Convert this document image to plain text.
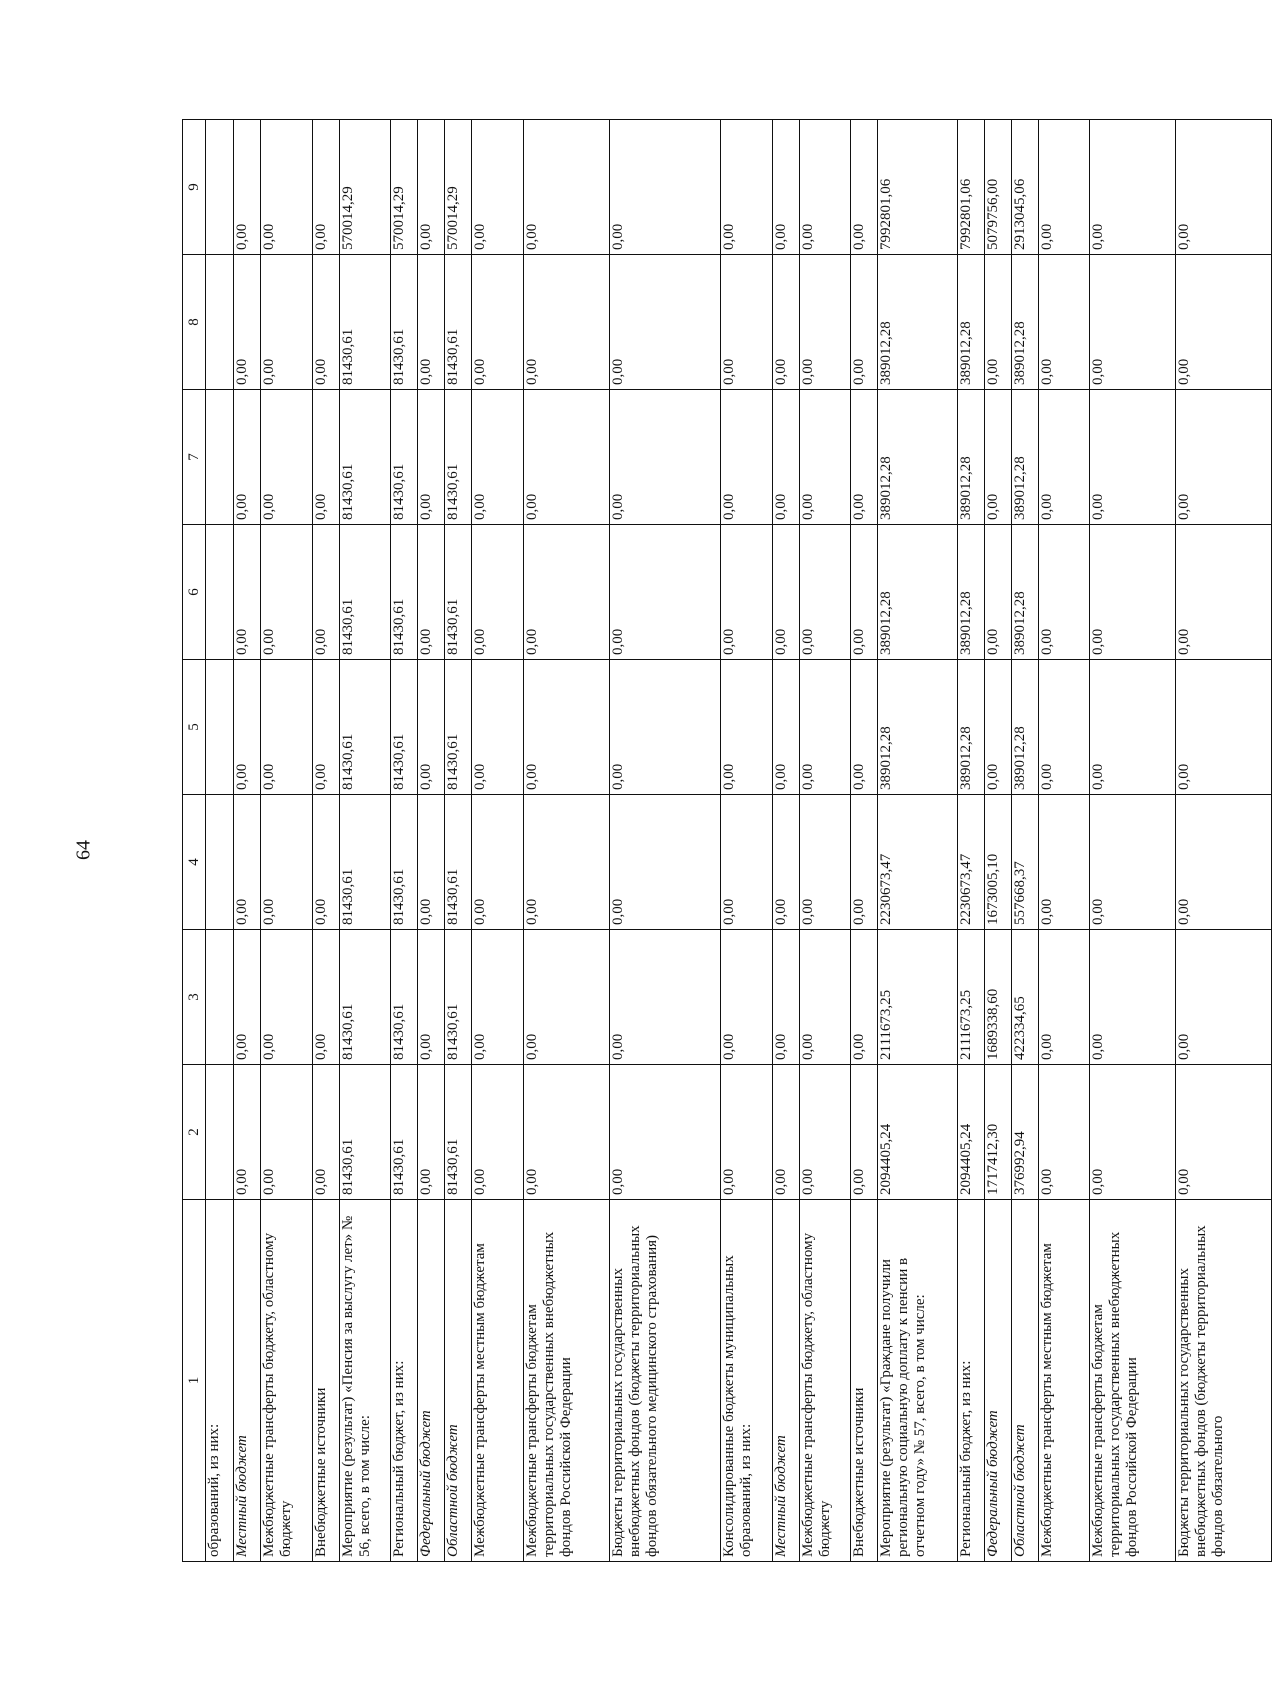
64
1	2	3	4	5	6	7	8	9
образований, из них:								
Местный бюджет	0,00	0,00	0,00	0,00	0,00	0,00	0,00	0,00
Межбюджетные трансферты бюджету, областному бюджету	0,00	0,00	0,00	0,00	0,00	0,00	0,00	0,00
Внебюджетные источники	0,00	0,00	0,00	0,00	0,00	0,00	0,00	0,00
Мероприятие (результат) «Пенсия за выслугу лет» № 56, всего, в том числе:	81430,61	81430,61	81430,61	81430,61	81430,61	81430,61	81430,61	570014,29
Региональный бюджет, из них:	81430,61	81430,61	81430,61	81430,61	81430,61	81430,61	81430,61	570014,29
Федеральный бюджет	0,00	0,00	0,00	0,00	0,00	0,00	0,00	0,00
Областной бюджет	81430,61	81430,61	81430,61	81430,61	81430,61	81430,61	81430,61	570014,29
Межбюджетные трансферты местным бюджетам	0,00	0,00	0,00	0,00	0,00	0,00	0,00	0,00
Межбюджетные трансферты бюджетам территориальных государственных внебюджетных фондов Российской Федерации	0,00	0,00	0,00	0,00	0,00	0,00	0,00	0,00
Бюджеты территориальных государственных внебюджетных фондов (бюджеты территориальных фондов обязательного медицинского страхования)	0,00	0,00	0,00	0,00	0,00	0,00	0,00	0,00
Консолидированные бюджеты муниципальных образований, из них:	0,00	0,00	0,00	0,00	0,00	0,00	0,00	0,00
Местный бюджет	0,00	0,00	0,00	0,00	0,00	0,00	0,00	0,00
Межбюджетные трансферты бюджету, областному бюджету	0,00	0,00	0,00	0,00	0,00	0,00	0,00	0,00
Внебюджетные источники	0,00	0,00	0,00	0,00	0,00	0,00	0,00	0,00
Мероприятие (результат) «Граждане получили региональную социальную доплату к пенсии в отчетном году» № 57, всего, в том числе:	2094405,24	2111673,25	2230673,47	389012,28	389012,28	389012,28	389012,28	7992801,06
Региональный бюджет, из них:	2094405,24	2111673,25	2230673,47	389012,28	389012,28	389012,28	389012,28	7992801,06
Федеральный бюджет	1717412,30	1689338,60	1673005,10	0,00	0,00	0,00	0,00	5079756,00
Областной бюджет	376992,94	422334,65	557668,37	389012,28	389012,28	389012,28	389012,28	2913045,06
Межбюджетные трансферты местным бюджетам	0,00	0,00	0,00	0,00	0,00	0,00	0,00	0,00
Межбюджетные трансферты бюджетам территориальных государственных внебюджетных фондов Российской Федерации	0,00	0,00	0,00	0,00	0,00	0,00	0,00	0,00
Бюджеты территориальных государственных внебюджетных фондов (бюджеты территориальных фондов обязательного	0,00	0,00	0,00	0,00	0,00	0,00	0,00	0,00
